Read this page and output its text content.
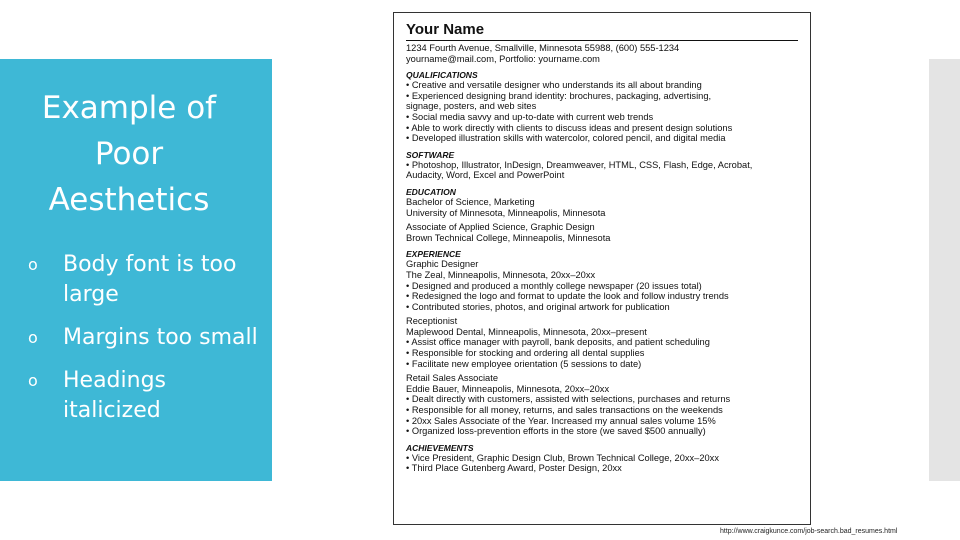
Example of
Poor
Aesthetics
o Body font is too large
o Margins too small
o Headings italicized
Your Name
1234 Fourth Avenue, Smallville, Minnesota 55988, (600) 555-1234
yourname@mail.com, Portfolio: yourname.com
QUALIFICATIONS
• Creative and versatile designer who understands its all about branding
• Experienced designing brand identity: brochures, packaging, advertising,
signage, posters, and web sites
• Social media savvy and up-to-date with current web trends
• Able to work directly with clients to discuss ideas and present design solutions
• Developed illustration skills with watercolor, colored pencil, and digital media
SOFTWARE
• Photoshop, Illustrator, InDesign, Dreamweaver, HTML, CSS, Flash, Edge, Acrobat,
Audacity, Word, Excel and PowerPoint
EDUCATION
Bachelor of Science, Marketing
University of Minnesota, Minneapolis, Minnesota
Associate of Applied Science, Graphic Design
Brown Technical College, Minneapolis, Minnesota
EXPERIENCE
Graphic Designer
The Zeal, Minneapolis, Minnesota, 20xx–20xx
• Designed and produced a monthly college newspaper (20 issues total)
• Redesigned the logo and format to update the look and follow industry trends
• Contributed stories, photos, and original artwork for publication
Receptionist
Maplewood Dental, Minneapolis, Minnesota, 20xx–present
• Assist office manager with payroll, bank deposits, and patient scheduling
• Responsible for stocking and ordering all dental supplies
• Facilitate new employee orientation (5 sessions to date)
Retail Sales Associate
Eddie Bauer, Minneapolis, Minnesota, 20xx–20xx
• Dealt directly with customers, assisted with selections, purchases and returns
• Responsible for all money, returns, and sales transactions on the weekends
• 20xx Sales Associate of the Year. Increased my annual sales volume 15%
• Organized loss-prevention efforts in the store (we saved $500 annually)
ACHIEVEMENTS
• Vice President, Graphic Design Club, Brown Technical College, 20xx–20xx
• Third Place Gutenberg Award, Poster Design, 20xx
http://www.craigkunce.com/job-search.bad_resumes.html
